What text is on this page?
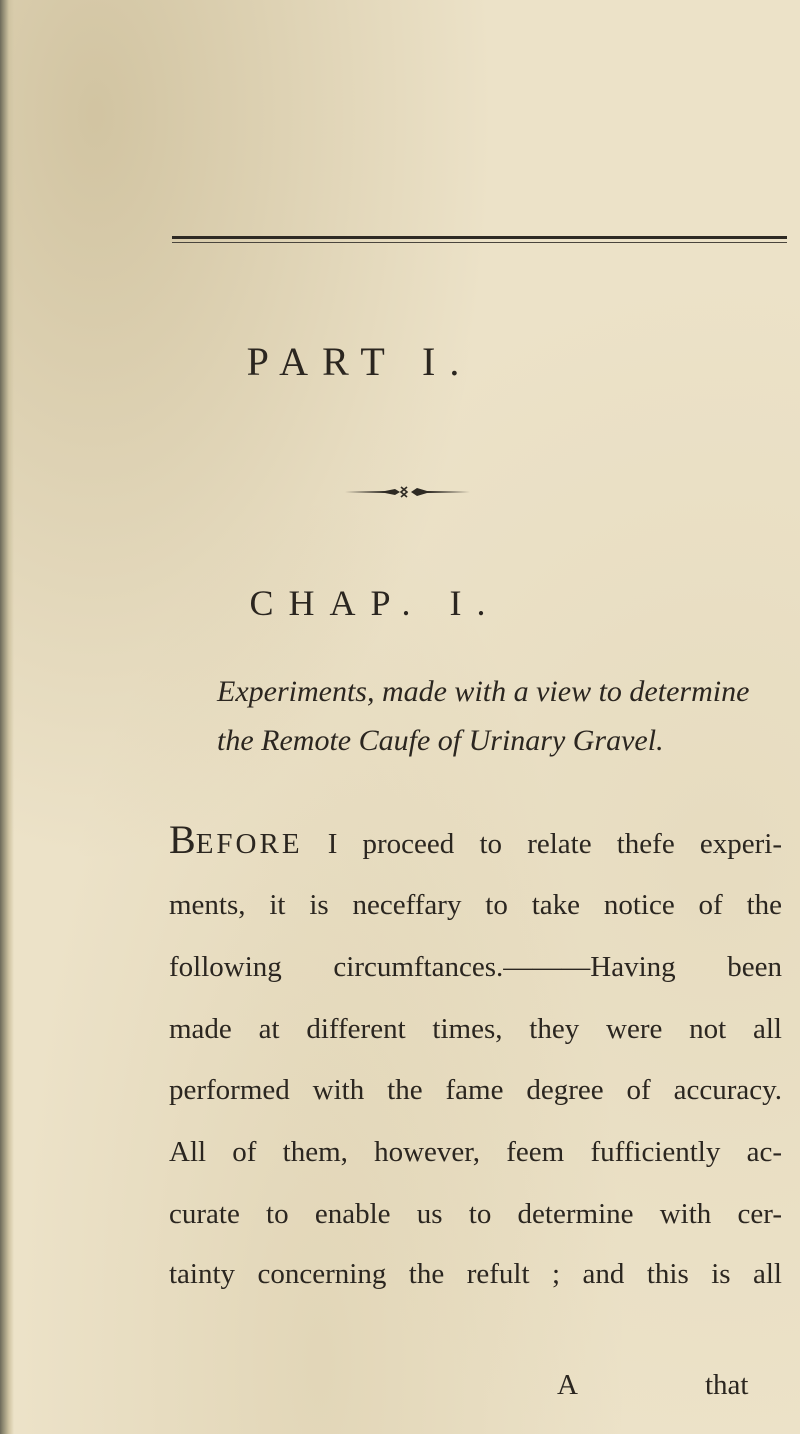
PART I.
CHAP. I.
Experiments, made with a view to determine
the Remote Caufe of Urinary Gravel.
BEFORE I proceed to relate thefe experi-
ments, it is neceffary to take notice of the
following circumftances.———Having been
made at different times, they were not all
performed with the fame degree of accuracy.
All of them, however, feem fufficiently ac-
curate to enable us to determine with cer-
tainty concerning the refult ; and this is all
A	that
